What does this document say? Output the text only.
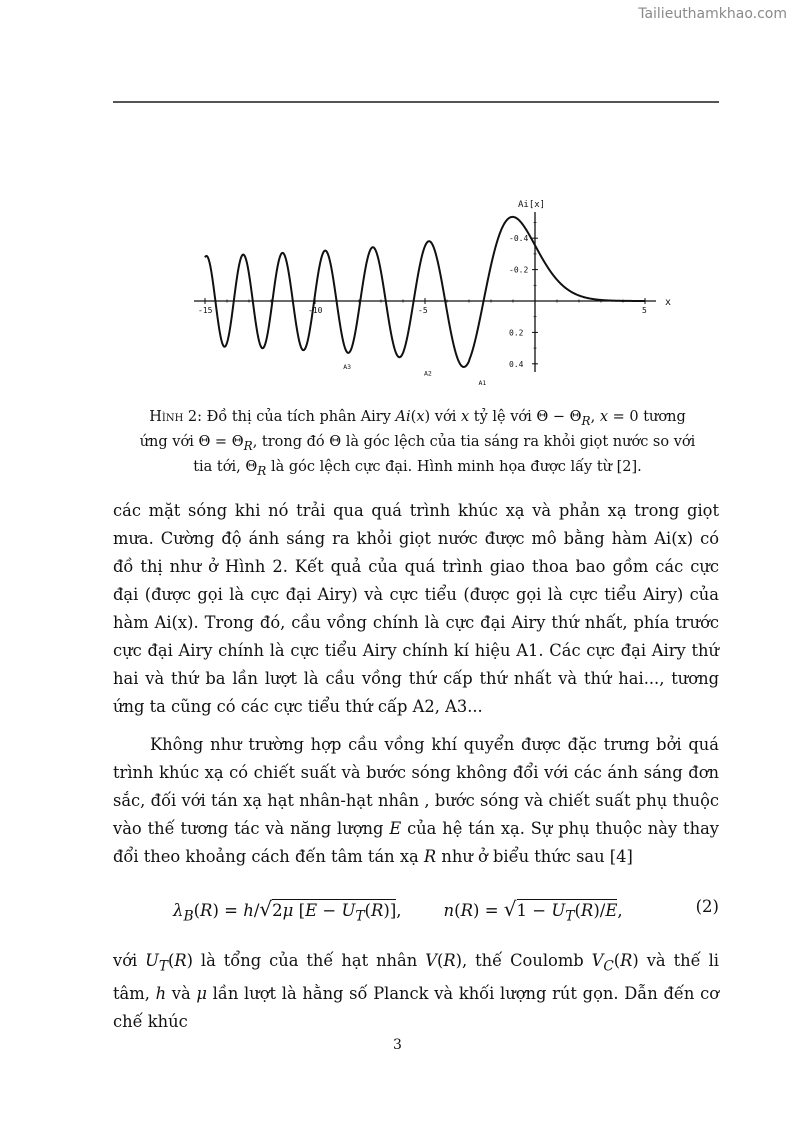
Tailieuthamkhao.com
Ai[x]
x
-15	-10	-5	5
0.4
0.2
-0.2
-0.4
A1
A2
A3
Hình 2: Đồ thị của tích phân Airy Ai(x) với x tỷ lệ với $\Theta - \Theta_R$, x = 0 tương ứng với $\Theta = \Theta_R$, trong đó Θ là góc lệch của tia sáng ra khỏi giọt nước so với tia tới, $\Theta_R$ là góc lệch cực đại. Hình minh họa được lấy từ [2].

các mặt sóng khi nó trải qua quá trình khúc xạ và phản xạ trong giọt mưa. Cường độ ánh sáng ra khỏi giọt nước được mô bằng hàm Ai(x) có đồ thị như ở Hình 2. Kết quả của quá trình giao thoa bao gồm các cực đại (được gọi là cực đại Airy) và cực tiểu (được gọi là cực tiểu Airy) của hàm Ai(x). Trong đó, cầu vồng chính là cực đại Airy thứ nhất, phía trước cực đại Airy chính là cực tiểu Airy chính kí hiệu A1. Các cực đại Airy thứ hai và thứ ba lần lượt là cầu vồng thứ cấp thứ nhất và thứ hai..., tương ứng ta cũng có các cực tiểu thứ cấp A2, A3...

Không như trường hợp cầu vồng khí quyển được đặc trưng bởi quá trình khúc xạ có chiết suất và bước sóng không đổi với các ánh sáng đơn sắc, đối với tán xạ hạt nhân-hạt nhân , bước sóng và chiết suất phụ thuộc vào thế tương tác và năng lượng E của hệ tán xạ. Sự phụ thuộc này thay đổi theo khoảng cách đến tâm tán xạ R như ở biểu thức sau [4]

$\lambda_B(R) = h/√2\mu$ $[E - U_T(R)]$,        $n(R) = √1 - U_T(R)/E$,	(2)

với $U_T(R)$ là tổng của thế hạt nhân V(R), thế Coulomb $V_C(R)$ và thế li tâm, h và μ lần lượt là hằng số Planck và khối lượng rút gọn. Dẫn đến cơ chế khúc

3
